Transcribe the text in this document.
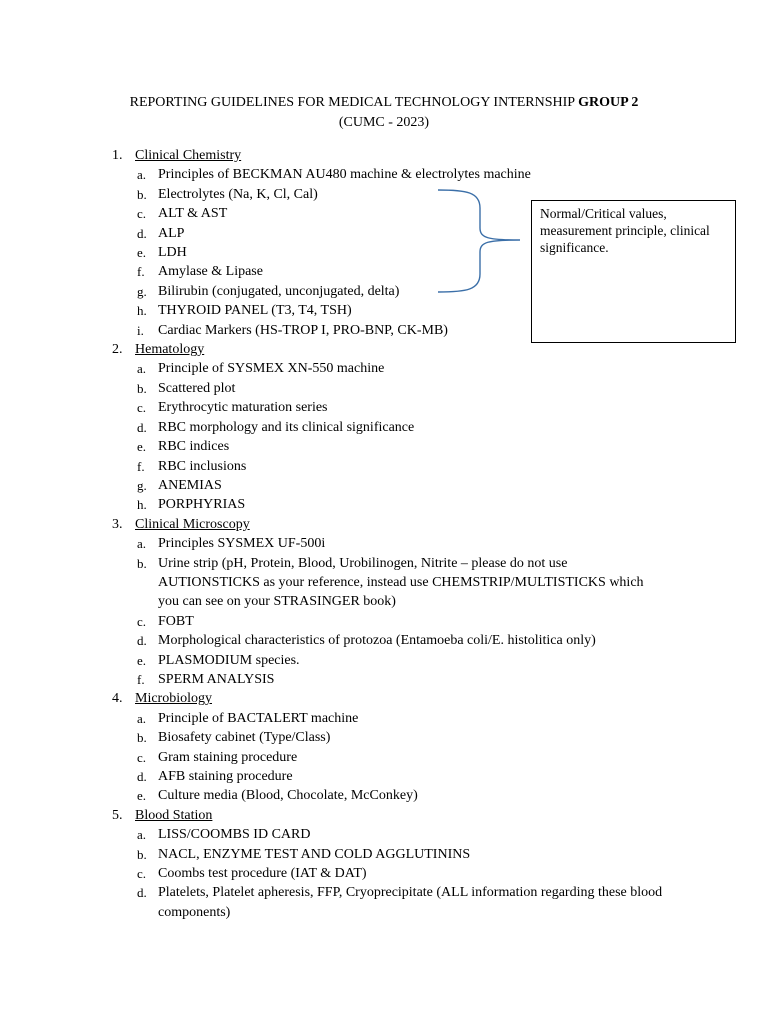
REPORTING GUIDELINES FOR MEDICAL TECHNOLOGY INTERNSHIP GROUP 2
(CUMC - 2023)
1. Clinical Chemistry
a. Principles of BECKMAN AU480 machine & electrolytes machine
b. Electrolytes (Na, K, Cl, Cal)
c. ALT & AST
d. ALP
e. LDH
f. Amylase & Lipase
g. Bilirubin (conjugated, unconjugated, delta)
h. THYROID PANEL (T3, T4, TSH)
i. Cardiac Markers (HS-TROP I, PRO-BNP, CK-MB)
2. Hematology
a. Principle of SYSMEX XN-550 machine
b. Scattered plot
c. Erythrocytic maturation series
d. RBC morphology and its clinical significance
e. RBC indices
f. RBC inclusions
g. ANEMIAS
h. PORPHYRIAS
3. Clinical Microscopy
a. Principles SYSMEX UF-500i
b. Urine strip (pH, Protein, Blood, Urobilinogen, Nitrite – please do not use AUTIONSTICKS as your reference, instead use CHEMSTRIP/MULTISTICKS which you can see on your STRASINGER book)
c. FOBT
d. Morphological characteristics of protozoa (Entamoeba coli/E. histolitica only)
e. PLASMODIUM species.
f. SPERM ANALYSIS
4. Microbiology
a. Principle of BACTALERT machine
b. Biosafety cabinet (Type/Class)
c. Gram staining procedure
d. AFB staining procedure
e. Culture media (Blood, Chocolate, McConkey)
5. Blood Station
a. LISS/COOMBS ID CARD
b. NACL, ENZYME TEST AND COLD AGGLUTININS
c. Coombs test procedure (IAT & DAT)
d. Platelets, Platelet apheresis, FFP, Cryoprecipitate (ALL information regarding these blood components)
Normal/Critical values, measurement principle, clinical significance.
